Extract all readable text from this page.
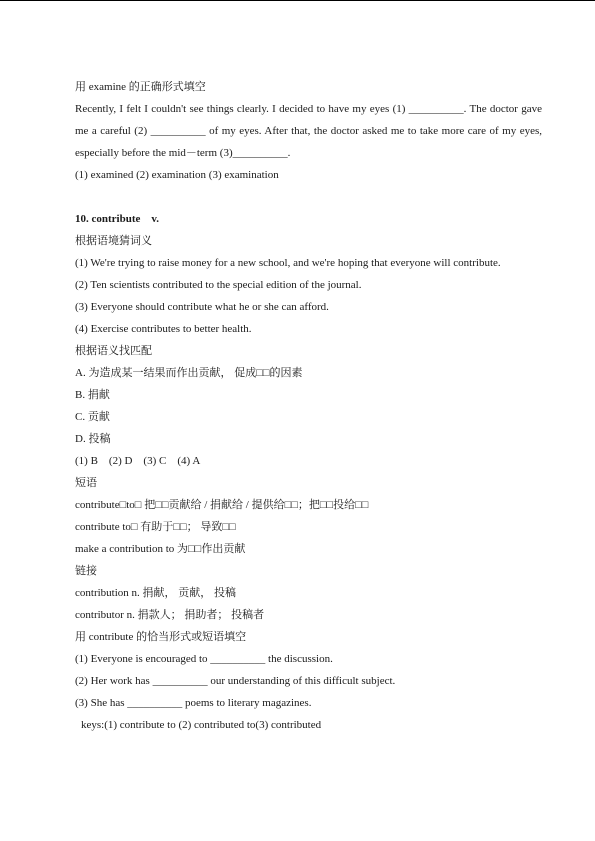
用 examine 的正确形式填空
Recently, I felt I couldn't see things clearly. I decided to have my eyes (1) __________. The doctor gave me a careful (2) __________ of my eyes. After that, the doctor asked me to take more care of my eyes, especially before the mid－term (3)__________.
(1) examined (2) examination (3) examination
10. contribute　v.
根据语境猜词义
(1) We're trying to raise money for a new school, and we're hoping that everyone will contribute.
(2) Ten scientists contributed to the special edition of the journal.
(3) Everyone should contribute what he or she can afford.
(4) Exercise contributes to better health.
根据语义找匹配
A. 为造成某一结果而作出贡献， 促成□□的因素
B. 捐献
C. 贡献
D. 投稿
(1) B　(2) D　(3) C　(4) A
短语
contribute□to□ 把□□贡献给 / 捐献给 / 提供给□□；把□□投给□□
contribute to□ 有助于□□； 导致□□
make a contribution to 为□□作出贡献
链接
contribution n. 捐献， 贡献， 投稿
contributor n. 捐款人； 捐助者； 投稿者
用 contribute 的恰当形式或短语填空
(1) Everyone is encouraged to __________ the discussion.
(2) Her work has __________ our understanding of this difficult subject.
(3) She has __________ poems to literary magazines.
keys:(1) contribute to (2) contributed to(3) contributed
